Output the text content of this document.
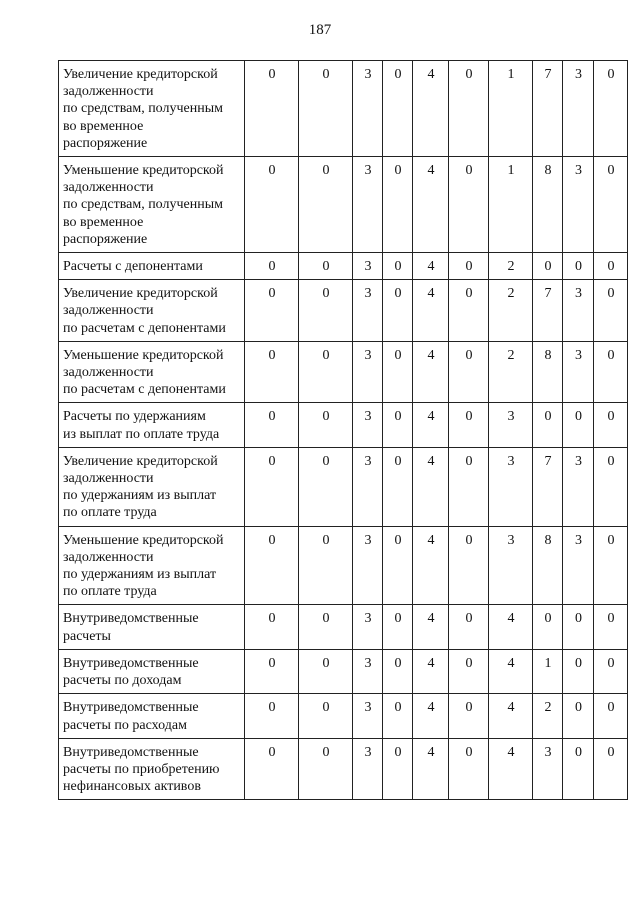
187
Увеличение кредиторской
задолженности
по средствам, полученным
во временное
распоряжение	0	0	3	0	4	0	1	7	3	0

Уменьшение кредиторской
задолженности
по средствам, полученным
во временное
распоряжение	0	0	3	0	4	0	1	8	3	0

Расчеты с депонентами	0	0	3	0	4	0	2	0	0	0

Увеличение кредиторской
задолженности
по расчетам с депонентами	0	0	3	0	4	0	2	7	3	0

Уменьшение кредиторской
задолженности
по расчетам с депонентами	0	0	3	0	4	0	2	8	3	0

Расчеты по удержаниям
из выплат по оплате труда	0	0	3	0	4	0	3	0	0	0

Увеличение кредиторской
задолженности
по удержаниям из выплат
по оплате труда	0	0	3	0	4	0	3	7	3	0

Уменьшение кредиторской
задолженности
по удержаниям из выплат
по оплате труда	0	0	3	0	4	0	3	8	3	0

Внутриведомственные
расчеты	0	0	3	0	4	0	4	0	0	0

Внутриведомственные
расчеты по доходам	0	0	3	0	4	0	4	1	0	0

Внутриведомственные
расчеты по расходам	0	0	3	0	4	0	4	2	0	0

Внутриведомственные
расчеты по приобретению
нефинансовых активов	0	0	3	0	4	0	4	3	0	0
